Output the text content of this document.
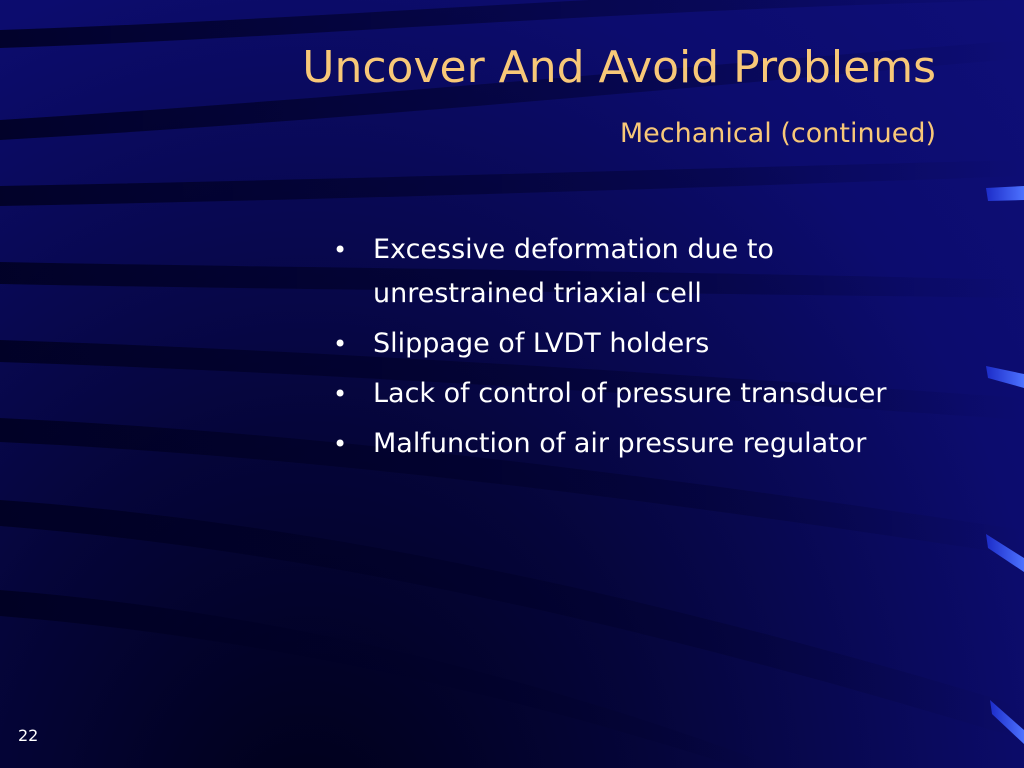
Uncover And Avoid Problems
Mechanical (continued)
• Excessive deformation due to unrestrained triaxial cell
• Slippage of LVDT holders
• Lack of control of pressure transducer
• Malfunction of air pressure regulator
22
